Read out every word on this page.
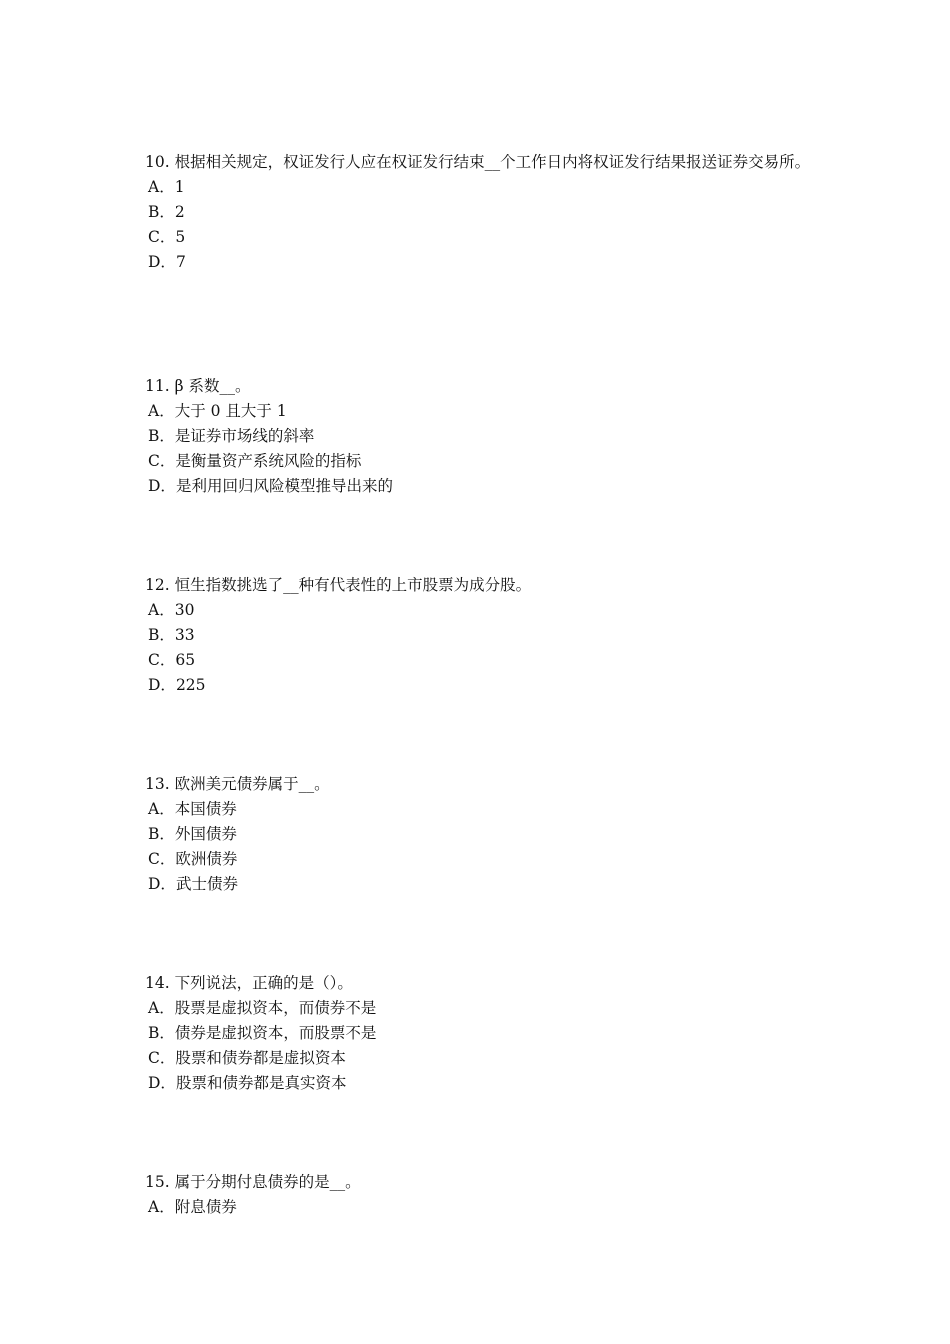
10. 根据相关规定，权证发行人应在权证发行结束__个工作日内将权证发行结果报送证券交易所。

A．1
B．2
C．5
D．7

11. β 系数__。

A．大于 0 且大于 1
B．是证券市场线的斜率
C．是衡量资产系统风险的指标
D．是利用回归风险模型推导出来的

12. 恒生指数挑选了__种有代表性的上市股票为成分股。

A．30
B．33
C．65
D．225

13. 欧洲美元债券属于__。

A．本国债券
B．外国债券
C．欧洲债券
D．武士债券

14. 下列说法，正确的是（）。

A．股票是虚拟资本，而债券不是
B．债券是虚拟资本，而股票不是
C．股票和债券都是虚拟资本
D．股票和债券都是真实资本

15. 属于分期付息债券的是__。

A．附息债券
